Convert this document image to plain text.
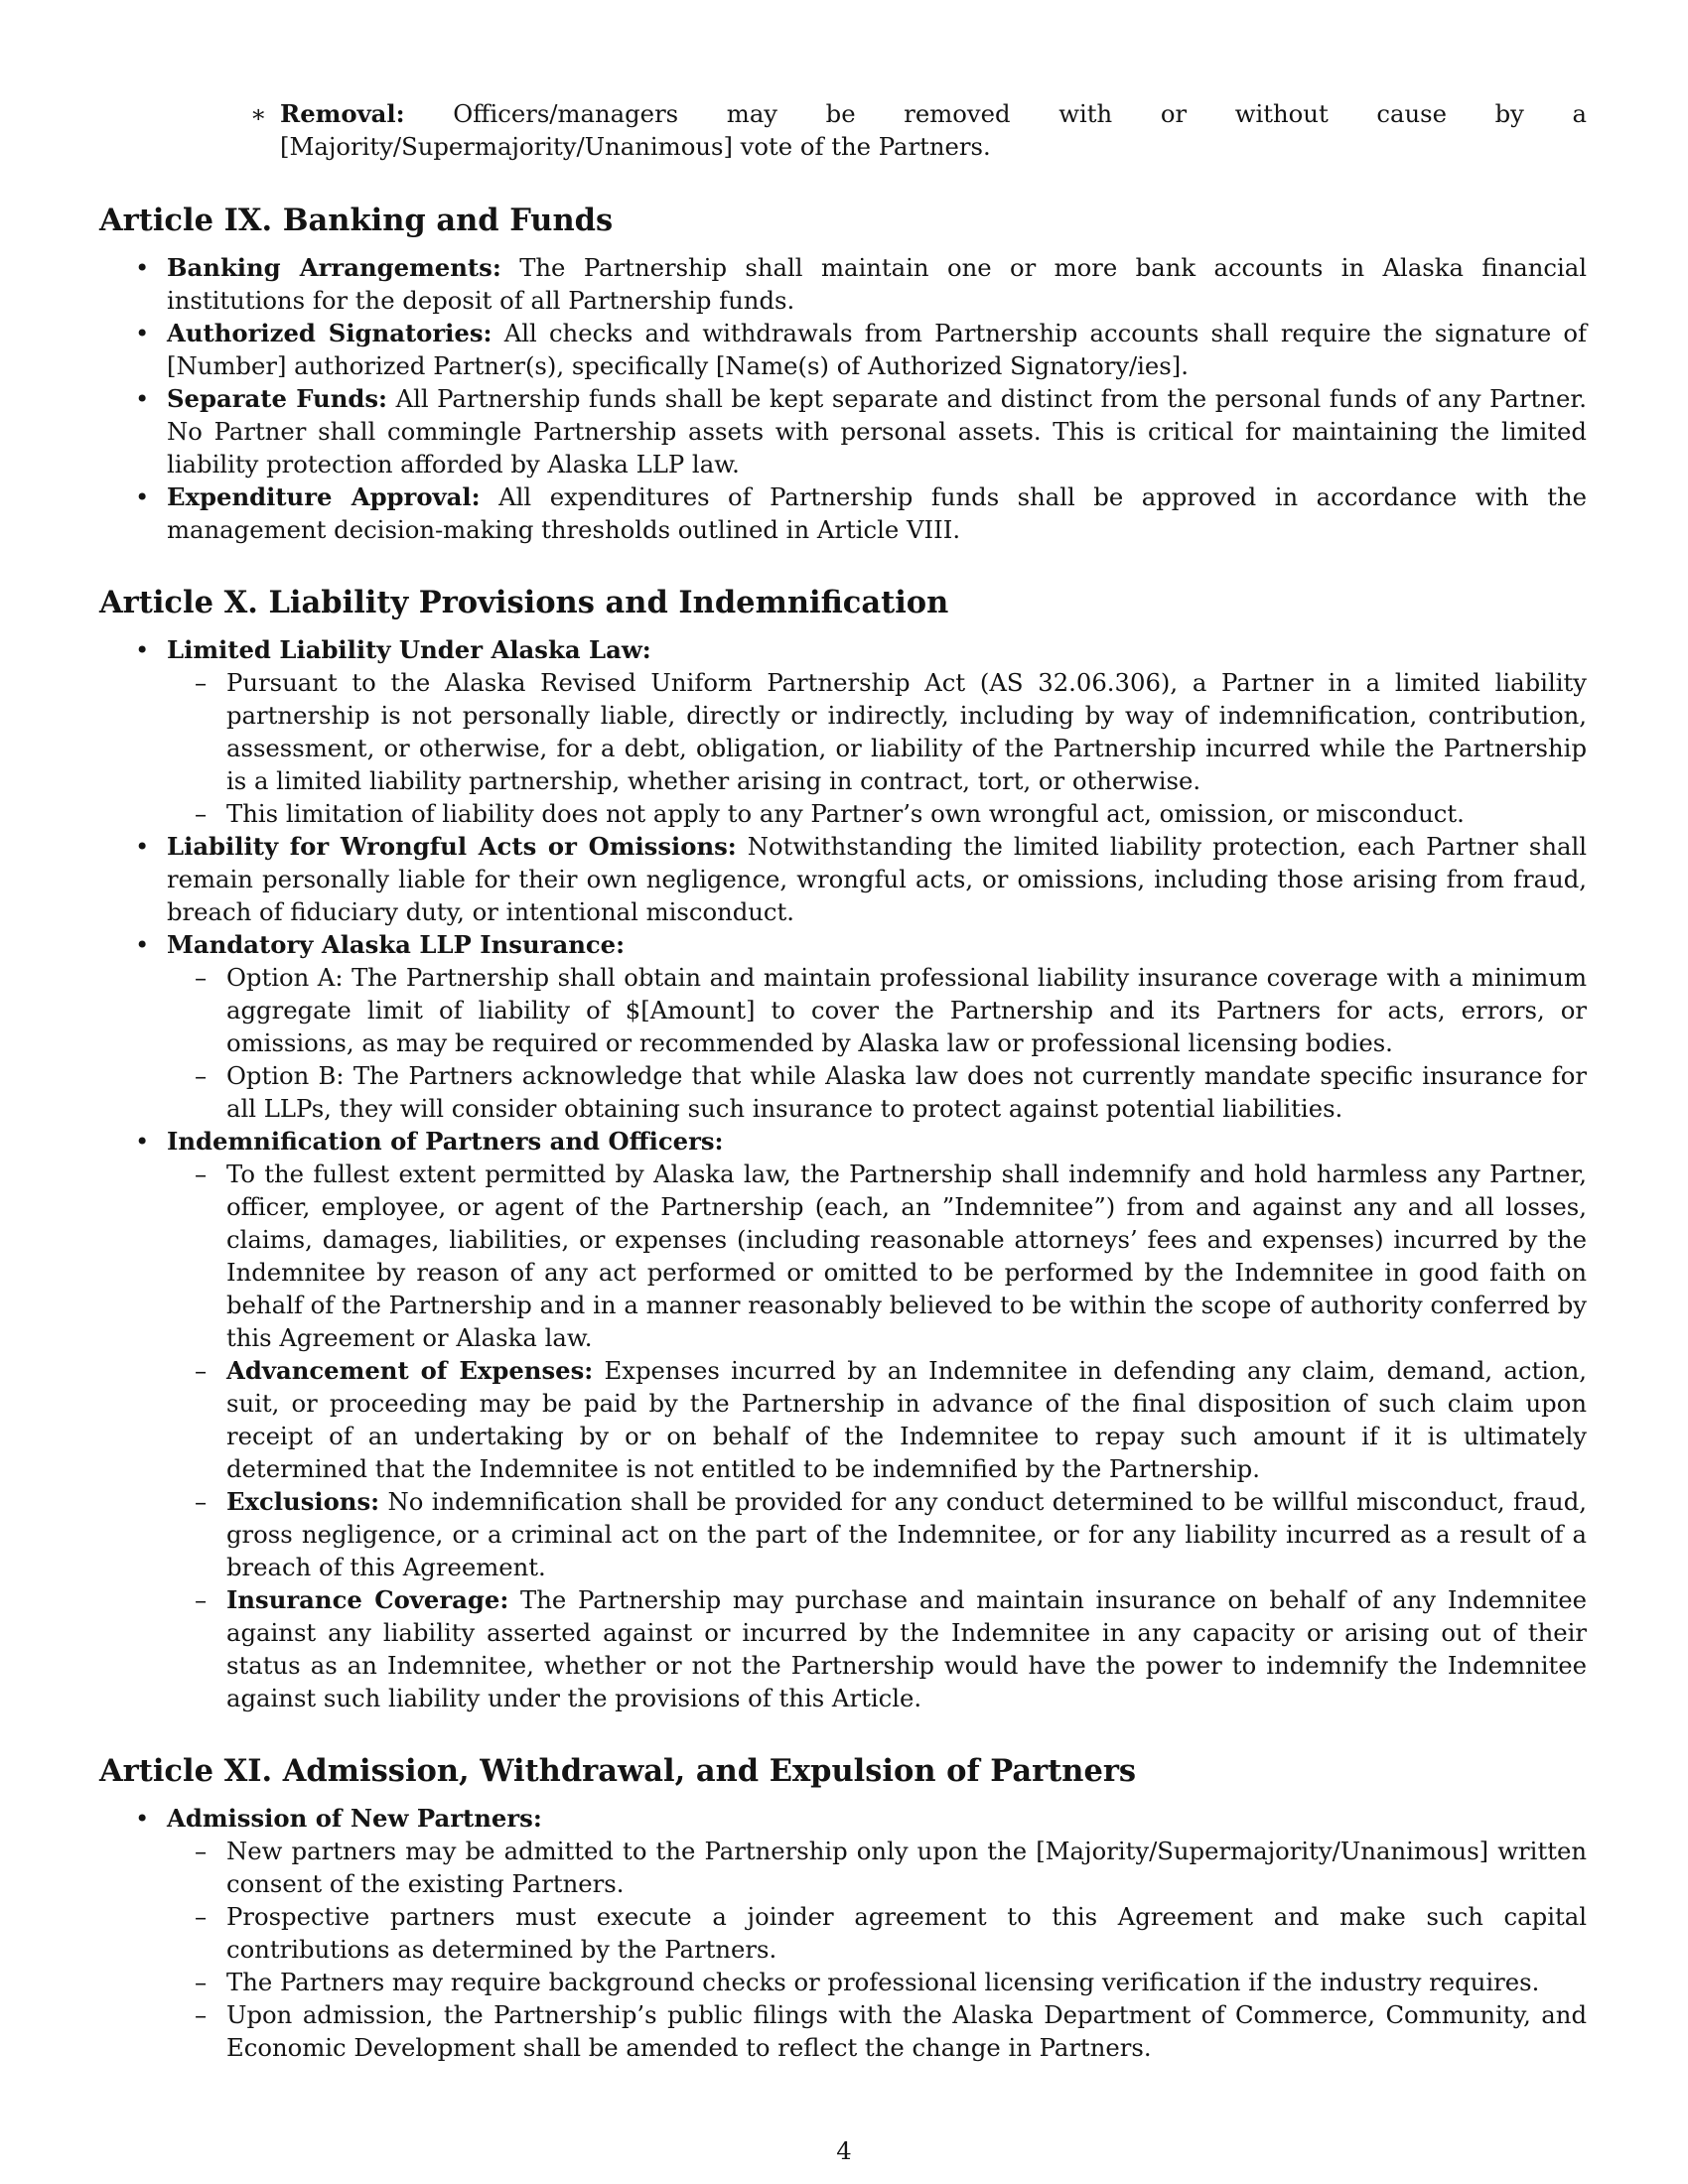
∗ Removal: Officers/managers may be removed with or without cause by a [Majority/Supermajority/Unanimous] vote of the Partners.
Article IX. Banking and Funds
• Banking Arrangements: The Partnership shall maintain one or more bank accounts in Alaska financial institutions for the deposit of all Partnership funds.
• Authorized Signatories: All checks and withdrawals from Partnership accounts shall require the signature of [Number] authorized Partner(s), specifically [Name(s) of Authorized Signatory/ies].
• Separate Funds: All Partnership funds shall be kept separate and distinct from the personal funds of any Partner. No Partner shall commingle Partnership assets with personal assets. This is critical for maintaining the limited liability protection afforded by Alaska LLP law.
• Expenditure Approval: All expenditures of Partnership funds shall be approved in accordance with the management decision-making thresholds outlined in Article VIII.
Article X. Liability Provisions and Indemnification
• Limited Liability Under Alaska Law:
– Pursuant to the Alaska Revised Uniform Partnership Act (AS 32.06.306), a Partner in a limited liability partnership is not personally liable, directly or indirectly, including by way of indemnification, contribution, assessment, or otherwise, for a debt, obligation, or liability of the Partnership incurred while the Partnership is a limited liability partnership, whether arising in contract, tort, or otherwise.
– This limitation of liability does not apply to any Partner’s own wrongful act, omission, or misconduct.
• Liability for Wrongful Acts or Omissions: Notwithstanding the limited liability protection, each Partner shall remain personally liable for their own negligence, wrongful acts, or omissions, including those arising from fraud, breach of fiduciary duty, or intentional misconduct.
• Mandatory Alaska LLP Insurance:
– Option A: The Partnership shall obtain and maintain professional liability insurance coverage with a minimum aggregate limit of liability of $[Amount] to cover the Partnership and its Partners for acts, errors, or omissions, as may be required or recommended by Alaska law or professional licensing bodies.
– Option B: The Partners acknowledge that while Alaska law does not currently mandate specific insurance for all LLPs, they will consider obtaining such insurance to protect against potential liabilities.
• Indemnification of Partners and Officers:
– To the fullest extent permitted by Alaska law, the Partnership shall indemnify and hold harmless any Partner, officer, employee, or agent of the Partnership (each, an ”Indemnitee”) from and against any and all losses, claims, damages, liabilities, or expenses (including reasonable attorneys’ fees and expenses) incurred by the Indemnitee by reason of any act performed or omitted to be performed by the Indemnitee in good faith on behalf of the Partnership and in a manner reasonably believed to be within the scope of authority conferred by this Agreement or Alaska law.
– Advancement of Expenses: Expenses incurred by an Indemnitee in defending any claim, demand, action, suit, or proceeding may be paid by the Partnership in advance of the final disposition of such claim upon receipt of an undertaking by or on behalf of the Indemnitee to repay such amount if it is ultimately determined that the Indemnitee is not entitled to be indemnified by the Partnership.
– Exclusions: No indemnification shall be provided for any conduct determined to be willful misconduct, fraud, gross negligence, or a criminal act on the part of the Indemnitee, or for any liability incurred as a result of a breach of this Agreement.
– Insurance Coverage: The Partnership may purchase and maintain insurance on behalf of any Indemnitee against any liability asserted against or incurred by the Indemnitee in any capacity or arising out of their status as an Indemnitee, whether or not the Partnership would have the power to indemnify the Indemnitee against such liability under the provisions of this Article.
Article XI. Admission, Withdrawal, and Expulsion of Partners
• Admission of New Partners:
– New partners may be admitted to the Partnership only upon the [Majority/Supermajority/Unanimous] written consent of the existing Partners.
– Prospective partners must execute a joinder agreement to this Agreement and make such capital contributions as determined by the Partners.
– The Partners may require background checks or professional licensing verification if the industry requires.
– Upon admission, the Partnership’s public filings with the Alaska Department of Commerce, Community, and Economic Development shall be amended to reflect the change in Partners.
4
